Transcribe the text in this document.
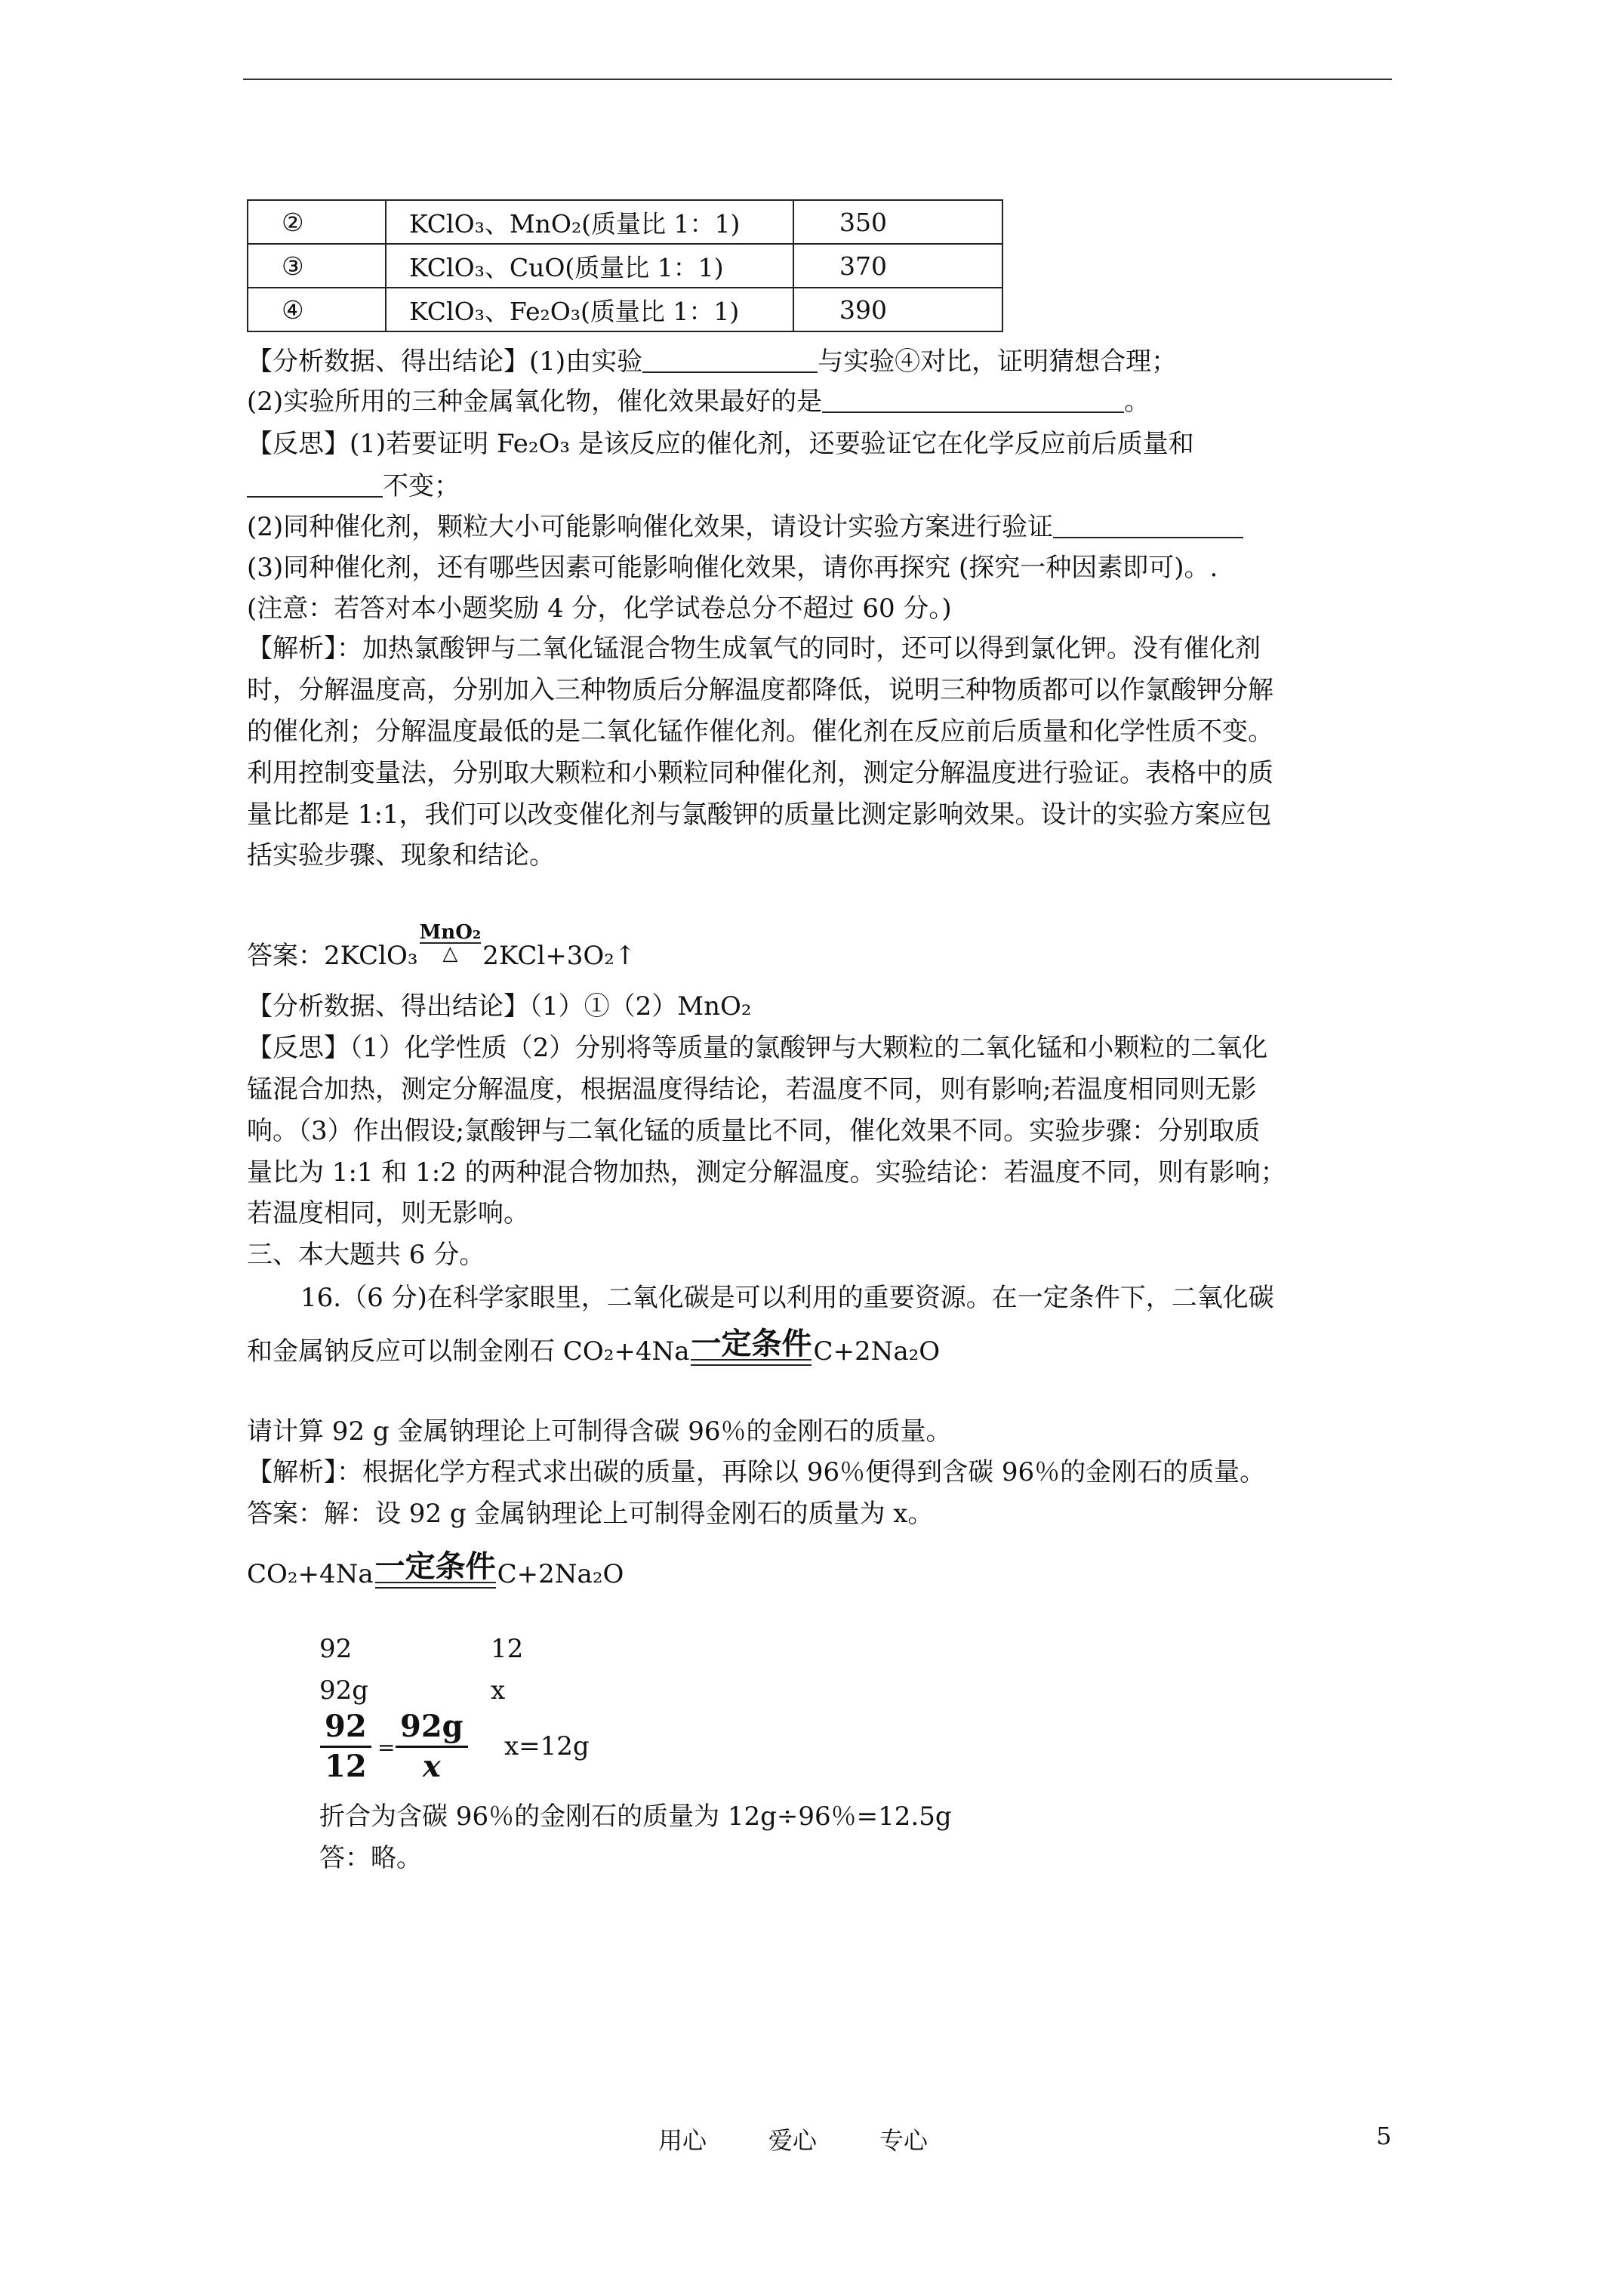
②	KClO₃、MnO₂(质量比 1：1)	350
③	KClO₃、CuO(质量比 1：1)	370
④	KClO₃、Fe₂O₃(质量比 1：1)	390
【分析数据、得出结论】(1)由实验	与实验④对比，证明猜想合理；
(2)实验所用的三种金属氧化物，催化效果最好的是	。
【反思】(1)若要证明 Fe₂O₃ 是该反应的催化剂，还要验证它在化学反应前后质量和
不变；
(2)同种催化剂，颗粒大小可能影响催化效果，请设计实验方案进行验证
(3)同种催化剂，还有哪些因素可能影响催化效果，请你再探究 (探究一种因素即可)。.
(注意：若答对本小题奖励 4 分，化学试卷总分不超过 60 分。)
【解析】：加热氯酸钾与二氧化锰混合物生成氧气的同时，还可以得到氯化钾。没有催化剂
时，分解温度高，分别加入三种物质后分解温度都降低，说明三种物质都可以作氯酸钾分解
的催化剂；分解温度最低的是二氧化锰作催化剂。催化剂在反应前后质量和化学性质不变。
利用控制变量法，分别取大颗粒和小颗粒同种催化剂，测定分解温度进行验证。表格中的质
量比都是 1:1，我们可以改变催化剂与氯酸钾的质量比测定影响效果。设计的实验方案应包
括实验步骤、现象和结论。
答案：2KClO₃
MnO₂
△ 2KCl+3O₂↑
【分析数据、得出结论】（1）①（2）MnO₂
【反思】（1）化学性质（2）分别将等质量的氯酸钾与大颗粒的二氧化锰和小颗粒的二氧化
锰混合加热，测定分解温度，根据温度得结论，若温度不同，则有影响;若温度相同则无影
响。（3）作出假设;氯酸钾与二氧化锰的质量比不同，催化效果不同。实验步骤：分别取质
量比为 1:1 和 1:2 的两种混合物加热，测定分解温度。实验结论：若温度不同，则有影响；
若温度相同，则无影响。
三、本大题共 6 分。
16.（6 分)在科学家眼里，二氧化碳是可以利用的重要资源。在一定条件下，二氧化碳
和金属钠反应可以制金刚石 CO₂+4Na 一定条件 C+2Na₂O
请计算 92 g 金属钠理论上可制得含碳 96％的金刚石的质量。
【解析】：根据化学方程式求出碳的质量，再除以 96％便得到含碳 96％的金刚石的质量。
答案：解：设 92 g 金属钠理论上可制得金刚石的质量为 x。
CO₂+4Na 一定条件 C+2Na₂O
92	12
92g	x
$\frac{92}{12} = \frac{92g}{x} x=12g$
折合为含碳 96％的金刚石的质量为 12g÷96％=12.5g
答：略。
用心	爱心	专心	5
